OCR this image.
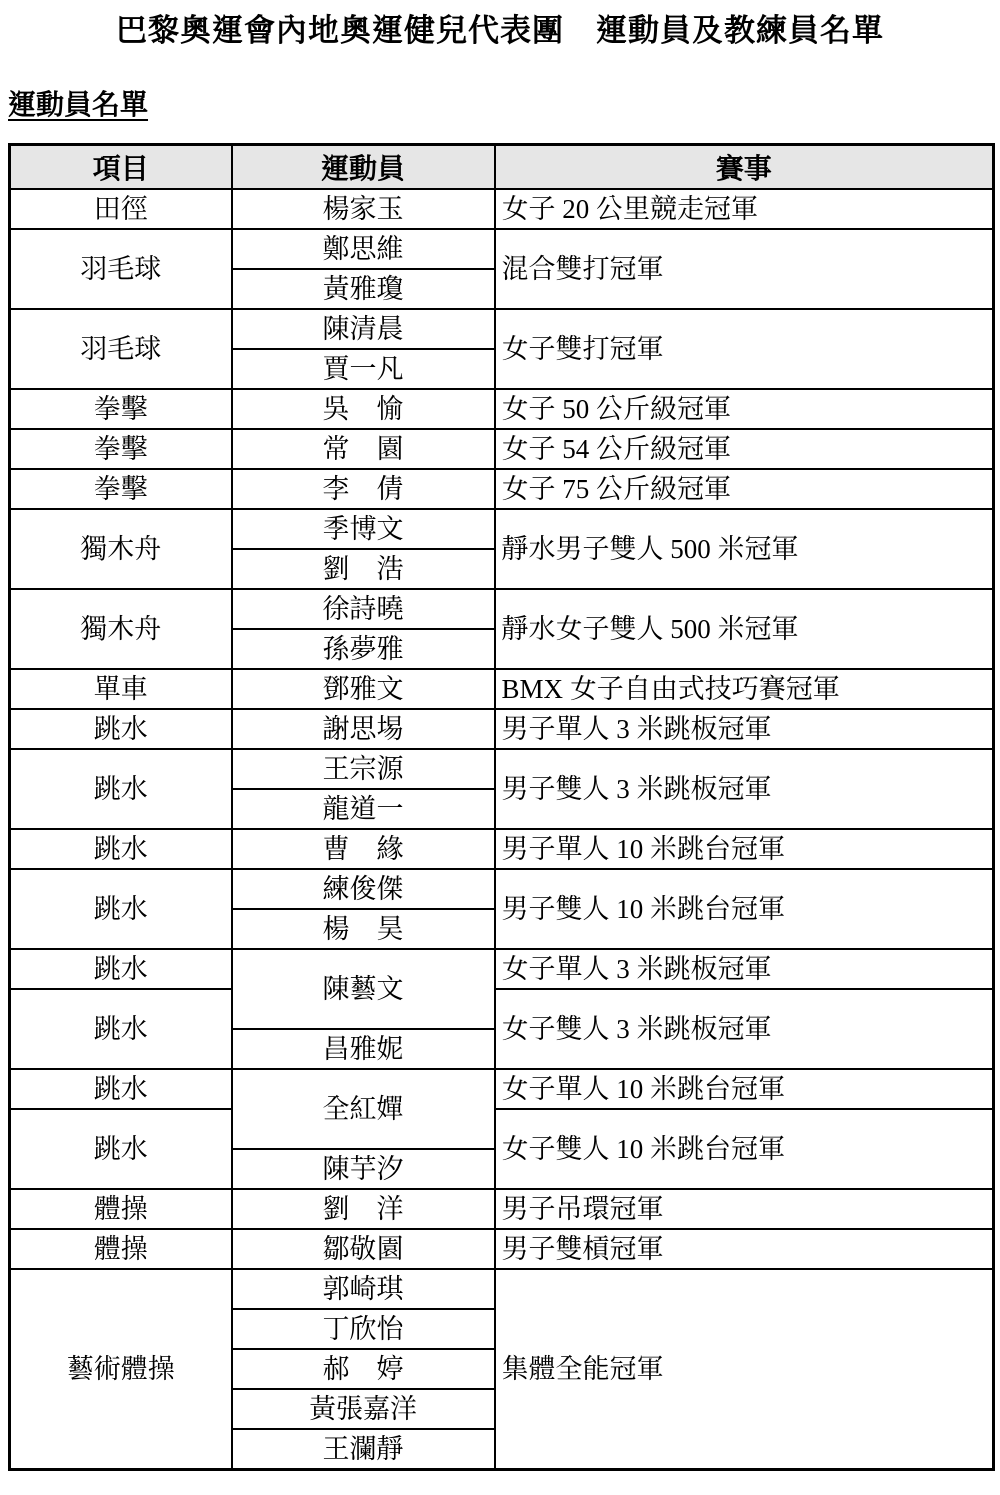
巴黎奧運會內地奧運健兒代表團　運動員及教練員名單
運動員名單
項目	運動員	賽事
田徑	楊家玉	女子 20 公里競走冠軍
羽毛球	鄭思維	混合雙打冠軍
	黃雅瓊	
羽毛球	陳清晨	女子雙打冠軍
	賈一凡	
拳擊	吳　愉	女子 50 公斤級冠軍
拳擊	常　園	女子 54 公斤級冠軍
拳擊	李　倩	女子 75 公斤級冠軍
獨木舟	季博文	靜水男子雙人 500 米冠軍
	劉　浩	
獨木舟	徐詩曉	靜水女子雙人 500 米冠軍
	孫夢雅	
單車	鄧雅文	BMX 女子自由式技巧賽冠軍
跳水	謝思埸	男子單人 3 米跳板冠軍
跳水	王宗源	男子雙人 3 米跳板冠軍
	龍道一	
跳水	曹　緣	男子單人 10 米跳台冠軍
跳水	練俊傑	男子雙人 10 米跳台冠軍
	楊　昊	
跳水	陳藝文	女子單人 3 米跳板冠軍
跳水		女子雙人 3 米跳板冠軍
	昌雅妮	
跳水	全紅嬋	女子單人 10 米跳台冠軍
跳水		女子雙人 10 米跳台冠軍
	陳芋汐	
體操	劉　洋	男子吊環冠軍
體操	鄒敬園	男子雙槓冠軍
藝術體操	郭崎琪	集體全能冠軍
	丁欣怡	
	郝　婷	
	黃張嘉洋	
	王瀾靜	
